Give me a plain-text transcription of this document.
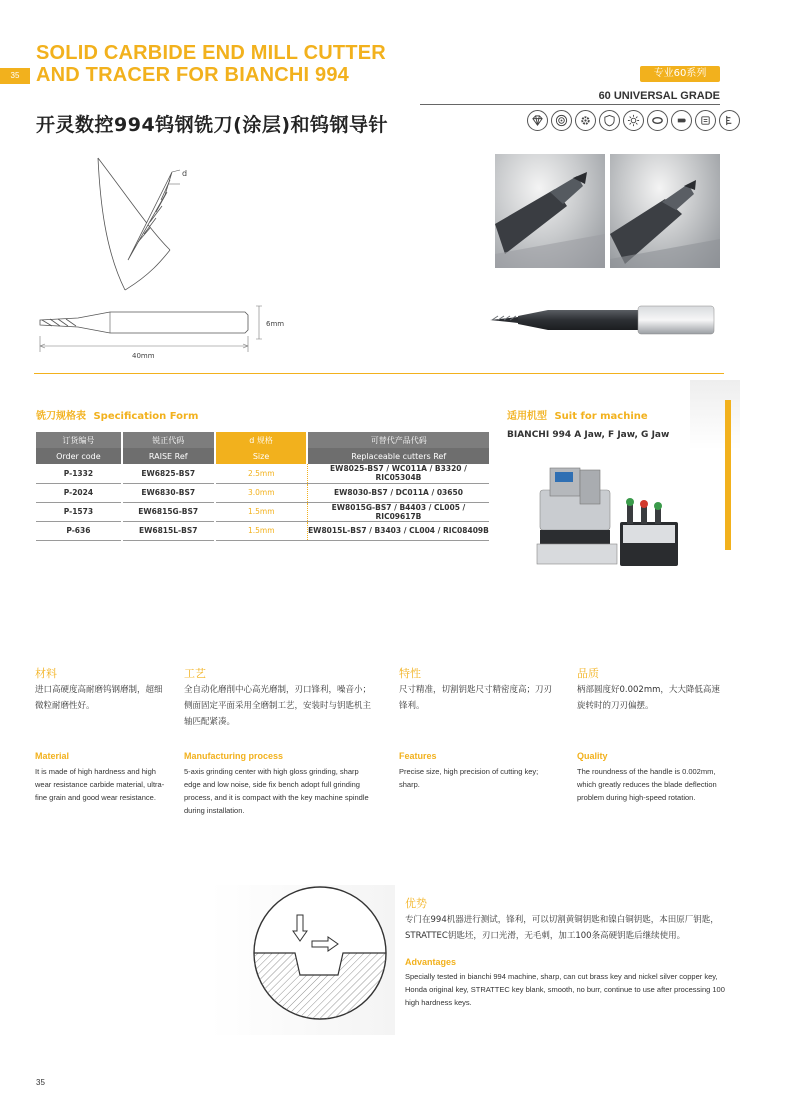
35
SOLID CARBIDE END MILL CUTTER
AND TRACER FOR BIANCHI 994	专业60系列
60 UNIVERSAL GRADE
开灵数控994钨钢铣刀(涂层)和钨钢导针
d
6mm
40mm
铣刀规格表 Specification Form
订货编号	锐正代码	d 规格	可替代产品代码
Order code	RAISE Ref	Size	Replaceable cutters Ref
P-1332	EW6825-BS7	2.5mm	EW8025-BS7 / WC011A / B3320 / RIC05304B
P-2024	EW6830-BS7	3.0mm	EW8030-BS7 / DC011A / 03650
P-1573	EW6815G-BS7	1.5mm	EW8015G-BS7 / B4403 / CL005 / RIC09617B
P-636	EW6815L-BS7	1.5mm	EW8015L-BS7 / B3403 / CL004 / RIC08409B
适用机型 Suit for machine
BIANCHI 994 A Jaw, F Jaw, G Jaw
材料
进口高硬度高耐磨钨钢磨制，超细微粒耐磨性好。
Material
It is made of high hardness and high wear resistance carbide material, ultra-fine grain and good wear resistance.
工艺
全自动化磨削中心高光磨制，刃口锋利，噪音小；侧面固定平面采用全磨制工艺，安装时与钥匙机主轴匹配紧凑。
Manufacturing process
5-axis grinding center with high gloss grinding, sharp edge and low noise, side fix bench adopt full grinding process, and it is compact with the key machine spindle during installation.
特性
尺寸精准，切割钥匙尺寸精密度高；刀刃锋利。
Features
Precise size, high precision of cutting key; sharp.
品质
柄部圆度好0.002mm，大大降低高速旋转时的刀刃偏摆。
Quality
The roundness of the handle is 0.002mm, which greatly reduces the blade deflection problem during high-speed rotation.
优势
专门在994机器进行测试，锋利，可以切割黄铜钥匙和镍白铜钥匙，本田原厂钥匙，STRATTEC钥匙坯，刃口光滑，无毛刺，加工100条高硬钥匙后继续使用。
Advantages
Specially tested in bianchi 994 machine, sharp, can cut brass key and nickel silver copper key, Honda original key, STRATTEC key blank, smooth, no burr, continue to use after processing 100 high hardness keys.
35
